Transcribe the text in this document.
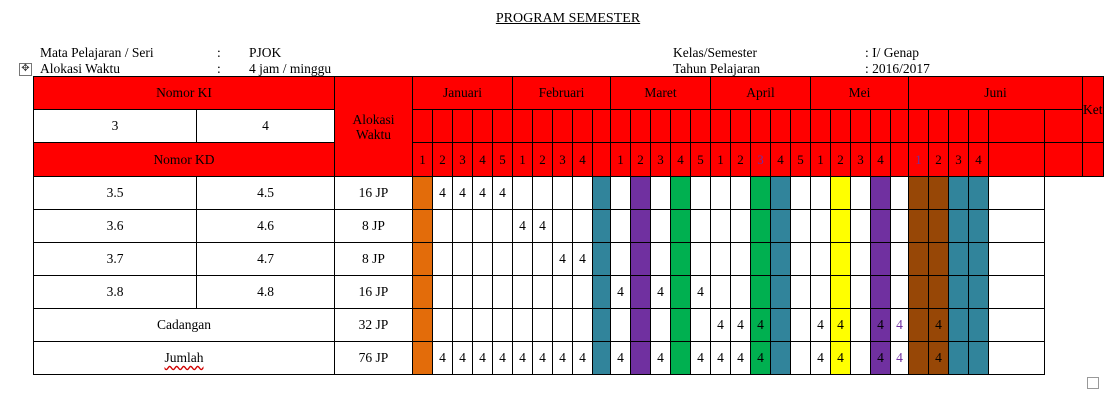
PROGRAM SEMESTER
Mata Pelajaran / Seri	: PJOK
Alokasi Waktu	: 4 jam / minggu
Kelas/Semester	: I/ Genap
Tahun Pelajaran	: 2016/2017
✥
Nomor KI		Alokasi Waktu	Januari					Februari					Maret					April					Mei					Juni						Ket
3	4																																	
Nomor KD			1	2	3	4	5	1	2	3	4		1	2	3	4	5	1	2	3	4	5	1	2	3	4		1	2	3	4			
3.5	4.5	16 JP		4	4	4	4																											
3.6	4.6	8 JP						4	4																									
3.7	4.7	8 JP								4	4																							
3.8	4.8	16 JP											4		4		4																	
Cadangan		32 JP																4	4	4			4	4		4	4		4					
Jumlah		76 JP		4	4	4	4	4	4	4	4		4		4		4	4	4	4			4	4		4	4		4					
